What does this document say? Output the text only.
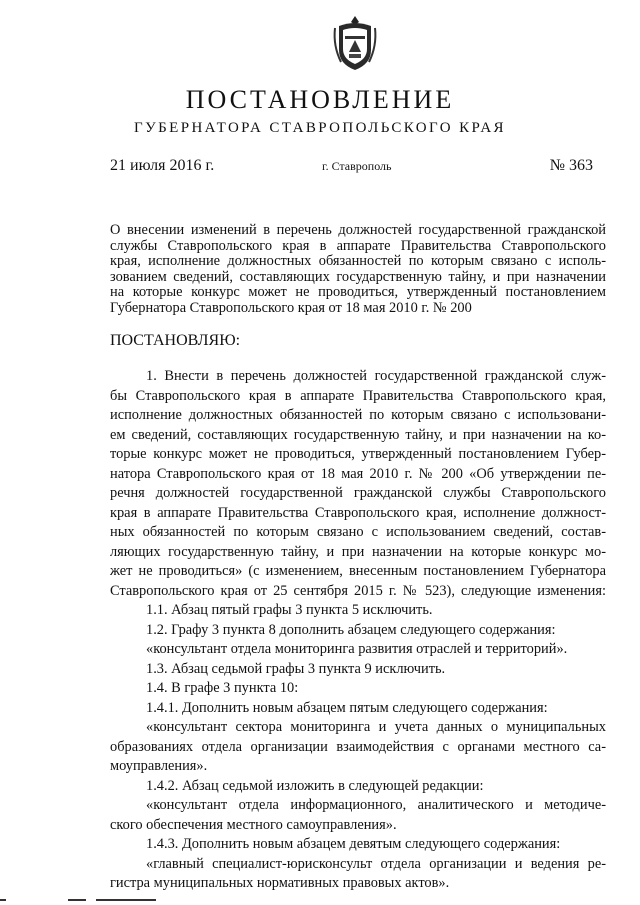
ПОСТАНОВЛЕНИЕ
ГУБЕРНАТОРА СТАВРОПОЛЬСКОГО КРАЯ
21 июля 2016 г.	г. Ставрополь	№ 363
О внесении изменений в перечень должностей государственной гражданской
службы Ставропольского края в аппарате Правительства Ставропольского
края, исполнение должностных обязанностей по которым связано с исполь-
зованием сведений, составляющих государственную тайну, и при назначении
на которые конкурс может не проводиться, утвержденный постановлением
Губернатора Ставропольского края от 18 мая 2010 г. № 200
ПОСТАНОВЛЯЮ:
1. Внести в перечень должностей государственной гражданской служ-
бы Ставропольского края в аппарате Правительства Ставропольского края,
исполнение должностных обязанностей по которым связано с использовани-
ем сведений, составляющих государственную тайну, и при назначении на ко-
торые конкурс может не проводиться, утвержденный постановлением Губер-
натора Ставропольского края от 18 мая 2010 г. № 200 «Об утверждении пе-
речня должностей государственной гражданской службы Ставропольского
края в аппарате Правительства Ставропольского края, исполнение должност-
ных обязанностей по которым связано с использованием сведений, состав-
ляющих государственную тайну, и при назначении на которые конкурс мо-
жет не проводиться» (с изменением, внесенным постановлением Губернатора
Ставропольского края от 25 сентября 2015 г. № 523), следующие изменения:
1.1. Абзац пятый графы 3 пункта 5 исключить.
1.2. Графу 3 пункта 8 дополнить абзацем следующего содержания:
«консультант отдела мониторинга развития отраслей и территорий».
1.3. Абзац седьмой графы 3 пункта 9 исключить.
1.4. В графе 3 пункта 10:
1.4.1. Дополнить новым абзацем пятым следующего содержания:
«консультант сектора мониторинга и учета данных о муниципальных
образованиях отдела организации взаимодействия с органами местного са-
моуправления».
1.4.2. Абзац седьмой изложить в следующей редакции:
«консультант отдела информационного, аналитического и методиче-
ского обеспечения местного самоуправления».
1.4.3. Дополнить новым абзацем девятым следующего содержания:
«главный специалист-юрисконсульт отдела организации и ведения ре-
гистра муниципальных нормативных правовых актов».
